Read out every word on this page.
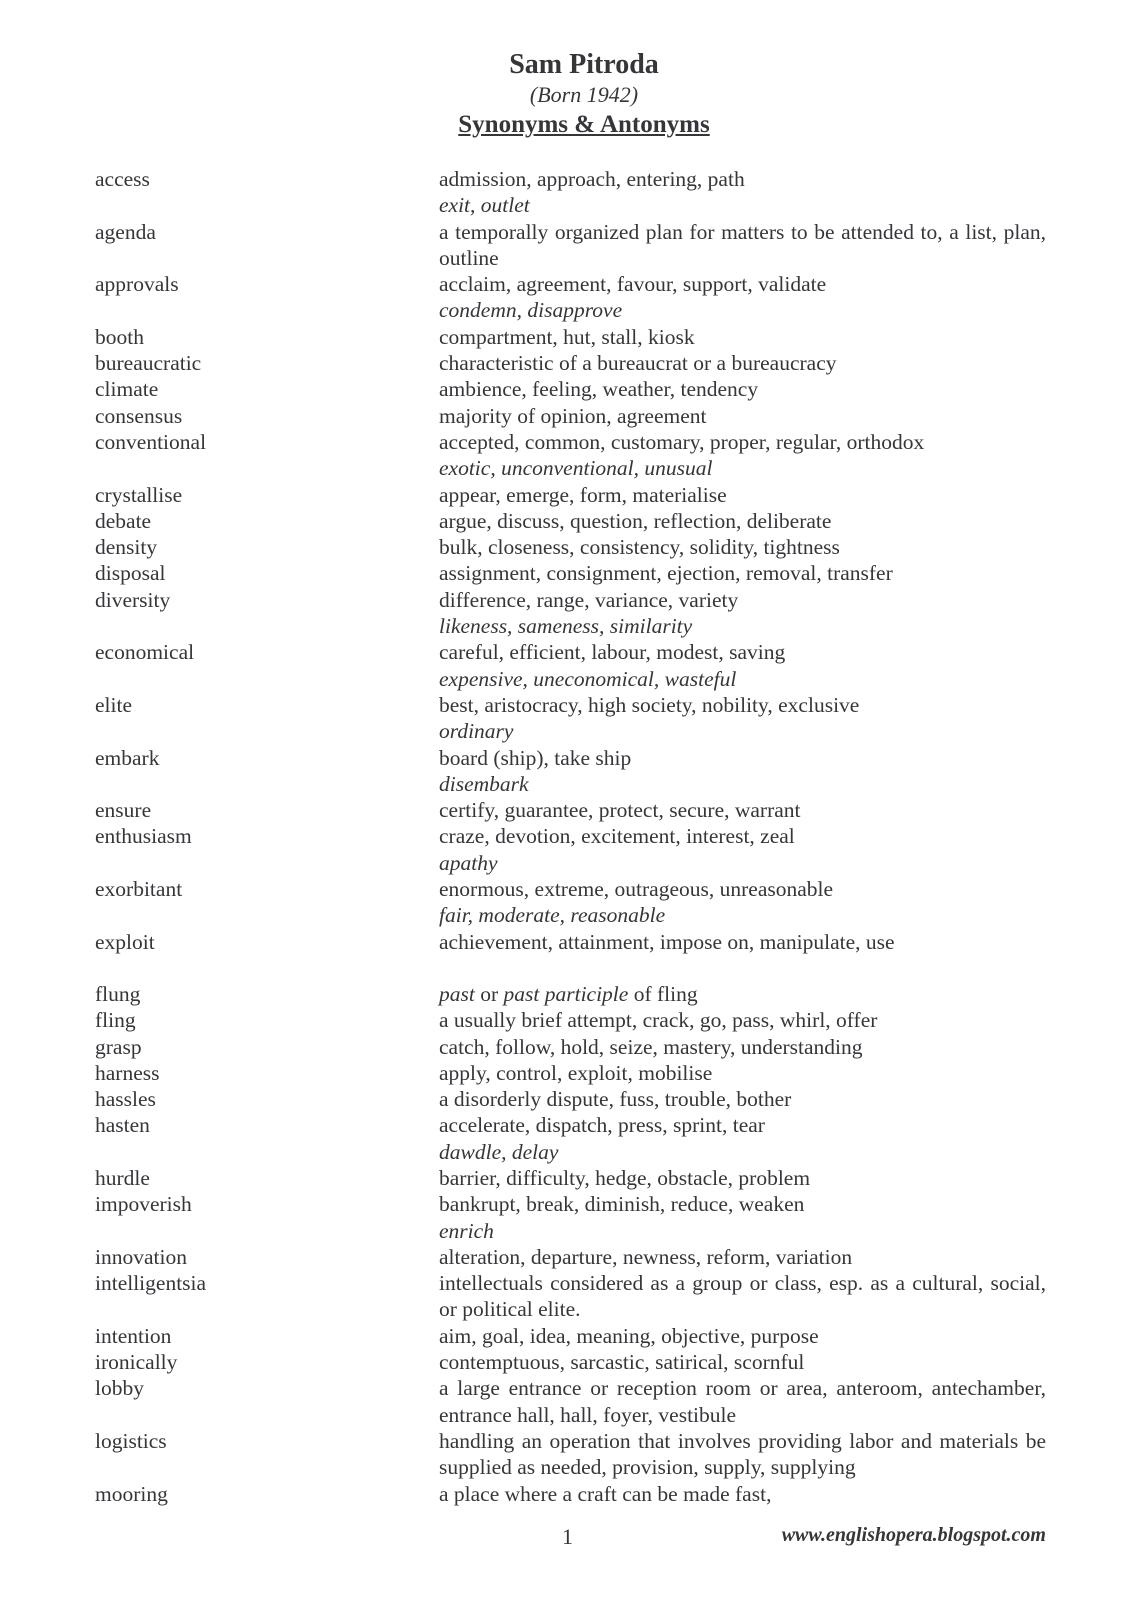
Sam Pitroda
(Born 1942)
Synonyms & Antonyms
access	admission, approach, entering, path
exit, outlet
agenda	a temporally organized plan for matters to be attended to, a list, plan, outline
approvals	acclaim, agreement, favour, support, validate
condemn, disapprove
booth	compartment, hut, stall, kiosk
bureaucratic	characteristic of a bureaucrat or a bureaucracy
climate	ambience, feeling, weather, tendency
consensus	majority of opinion, agreement
conventional	accepted, common, customary, proper, regular, orthodox
exotic, unconventional, unusual
crystallise	appear, emerge, form, materialise
debate	argue, discuss, question, reflection, deliberate
density	bulk, closeness, consistency, solidity, tightness
disposal	assignment, consignment, ejection, removal, transfer
diversity	difference, range, variance, variety
likeness, sameness, similarity
economical	careful, efficient, labour, modest, saving
expensive, uneconomical, wasteful
elite	best, aristocracy, high society, nobility, exclusive
ordinary
embark	board (ship), take ship
disembark
ensure	certify, guarantee, protect, secure, warrant
enthusiasm	craze, devotion, excitement, interest, zeal
apathy
exorbitant	enormous, extreme, outrageous, unreasonable
fair, moderate, reasonable
exploit	achievement, attainment, impose on, manipulate, use
flung	past or past participle of fling
fling	a usually brief attempt, crack, go, pass, whirl, offer
grasp	catch, follow, hold, seize, mastery, understanding
harness	apply, control, exploit, mobilise
hassles	a disorderly dispute, fuss, trouble, bother
hasten	accelerate, dispatch, press, sprint, tear
dawdle, delay
hurdle	barrier, difficulty, hedge, obstacle, problem
impoverish	bankrupt, break, diminish, reduce, weaken
enrich
innovation	alteration, departure, newness, reform, variation
intelligentsia	intellectuals considered as a group or class, esp. as a cultural, social, or political elite.
intention	aim, goal, idea, meaning, objective, purpose
ironically	contemptuous, sarcastic, satirical, scornful
lobby	a large entrance or reception room or area, anteroom, antechamber, entrance hall, hall, foyer, vestibule
logistics	handling an operation that involves providing labor and materials be supplied as needed, provision, supply, supplying
mooring	a place where a craft can be made fast,
1	www.englishopera.blogspot.com
